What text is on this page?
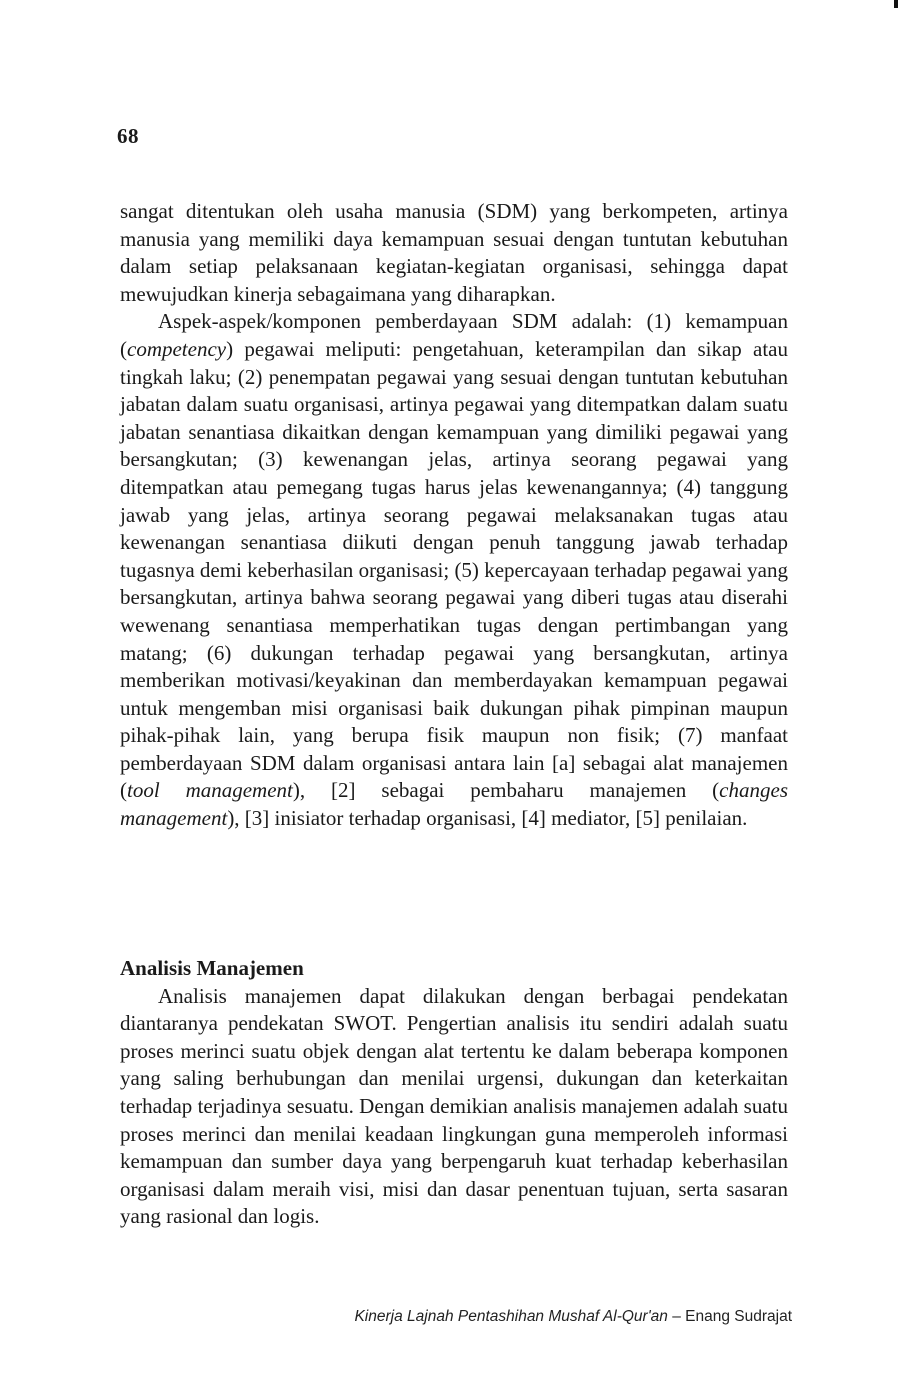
68

sangat ditentukan oleh usaha manusia (SDM) yang berkompeten, artinya manusia yang memiliki daya kemampuan sesuai dengan tuntutan kebutuhan dalam setiap pelaksanaan kegiatan-kegiatan organisasi, sehingga dapat mewujudkan kinerja sebagaimana yang diharapkan.

Aspek-aspek/komponen pemberdayaan SDM adalah: (1) kemampuan (competency) pegawai meliputi: pengetahuan, keterampilan dan sikap atau tingkah laku; (2) penempatan pegawai yang sesuai dengan tuntutan kebutuhan jabatan dalam suatu organisasi, artinya pegawai yang ditempatkan dalam suatu jabatan senantiasa dikaitkan dengan kemampuan yang dimiliki pegawai yang bersangkutan; (3) kewenangan jelas, artinya seorang pegawai yang ditempatkan atau pemegang tugas harus jelas kewenangannya; (4) tanggung jawab yang jelas, artinya seorang pegawai melaksanakan tugas atau kewenangan senantiasa diikuti dengan penuh tanggung jawab terhadap tugasnya demi keberhasilan organisasi; (5) kepercayaan terhadap pegawai yang bersangkutan, artinya bahwa seorang pegawai yang diberi tugas atau diserahi wewenang senantiasa memperhatikan tugas dengan pertimbangan yang matang; (6) dukungan terhadap pegawai yang bersangkutan, artinya memberikan motivasi/keyakinan dan memberdayakan kemampuan pegawai untuk mengemban misi organisasi baik dukungan pihak pimpinan maupun pihak-pihak lain, yang berupa fisik maupun non fisik; (7) manfaat pemberdayaan SDM dalam organisasi antara lain [a] sebagai alat manajemen (tool management), [2] sebagai pembaharu manajemen (changes management), [3] inisiator terhadap organisasi, [4] mediator, [5] penilaian.

Analisis Manajemen

Analisis manajemen dapat dilakukan dengan berbagai pendekatan diantaranya pendekatan SWOT. Pengertian analisis itu sendiri adalah suatu proses merinci suatu objek dengan alat tertentu ke dalam beberapa komponen yang saling berhubungan dan menilai urgensi, dukungan dan keterkaitan terhadap terjadinya sesuatu. Dengan demikian analisis manajemen adalah suatu proses merinci dan menilai keadaan lingkungan guna memperoleh informasi kemampuan dan sumber daya yang berpengaruh kuat terhadap keberhasilan organisasi dalam meraih visi, misi dan dasar penentuan tujuan, serta sasaran yang rasional dan logis.

Kinerja Lajnah Pentashihan Mushaf Al-Qur'an – Enang Sudrajat
